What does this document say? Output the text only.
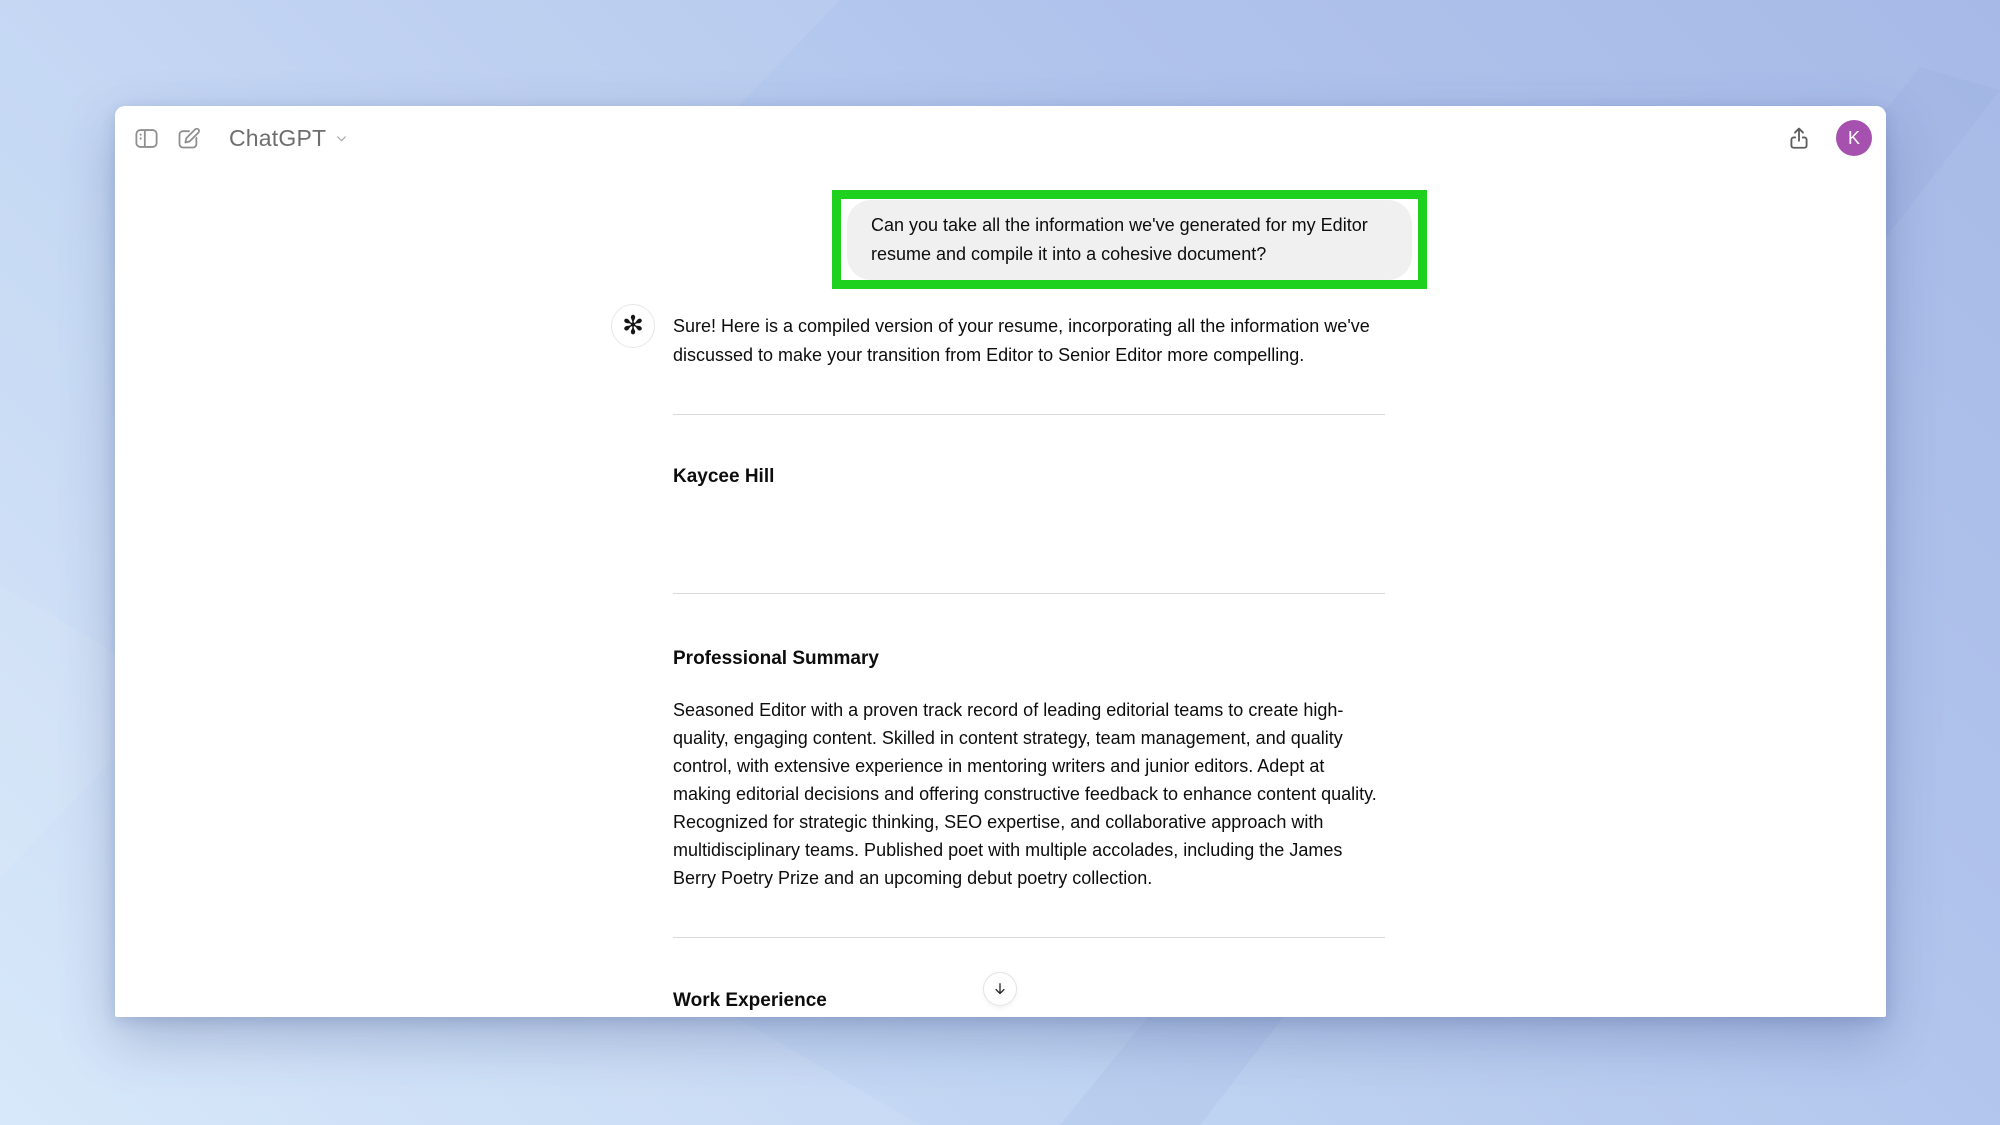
ChatGPT	K
Can you take all the information we've generated for my Editor resume and compile it into a cohesive document?
✻ Sure! Here is a compiled version of your resume, incorporating all the information we've discussed to make your transition from Editor to Senior Editor more compelling.
Kaycee Hill
Professional Summary
Seasoned Editor with a proven track record of leading editorial teams to create high-quality, engaging content. Skilled in content strategy, team management, and quality control, with extensive experience in mentoring writers and junior editors. Adept at making editorial decisions and offering constructive feedback to enhance content quality. Recognized for strategic thinking, SEO expertise, and collaborative approach with multidisciplinary teams. Published poet with multiple accolades, including the James Berry Poetry Prize and an upcoming debut poetry collection.
Work Experience
